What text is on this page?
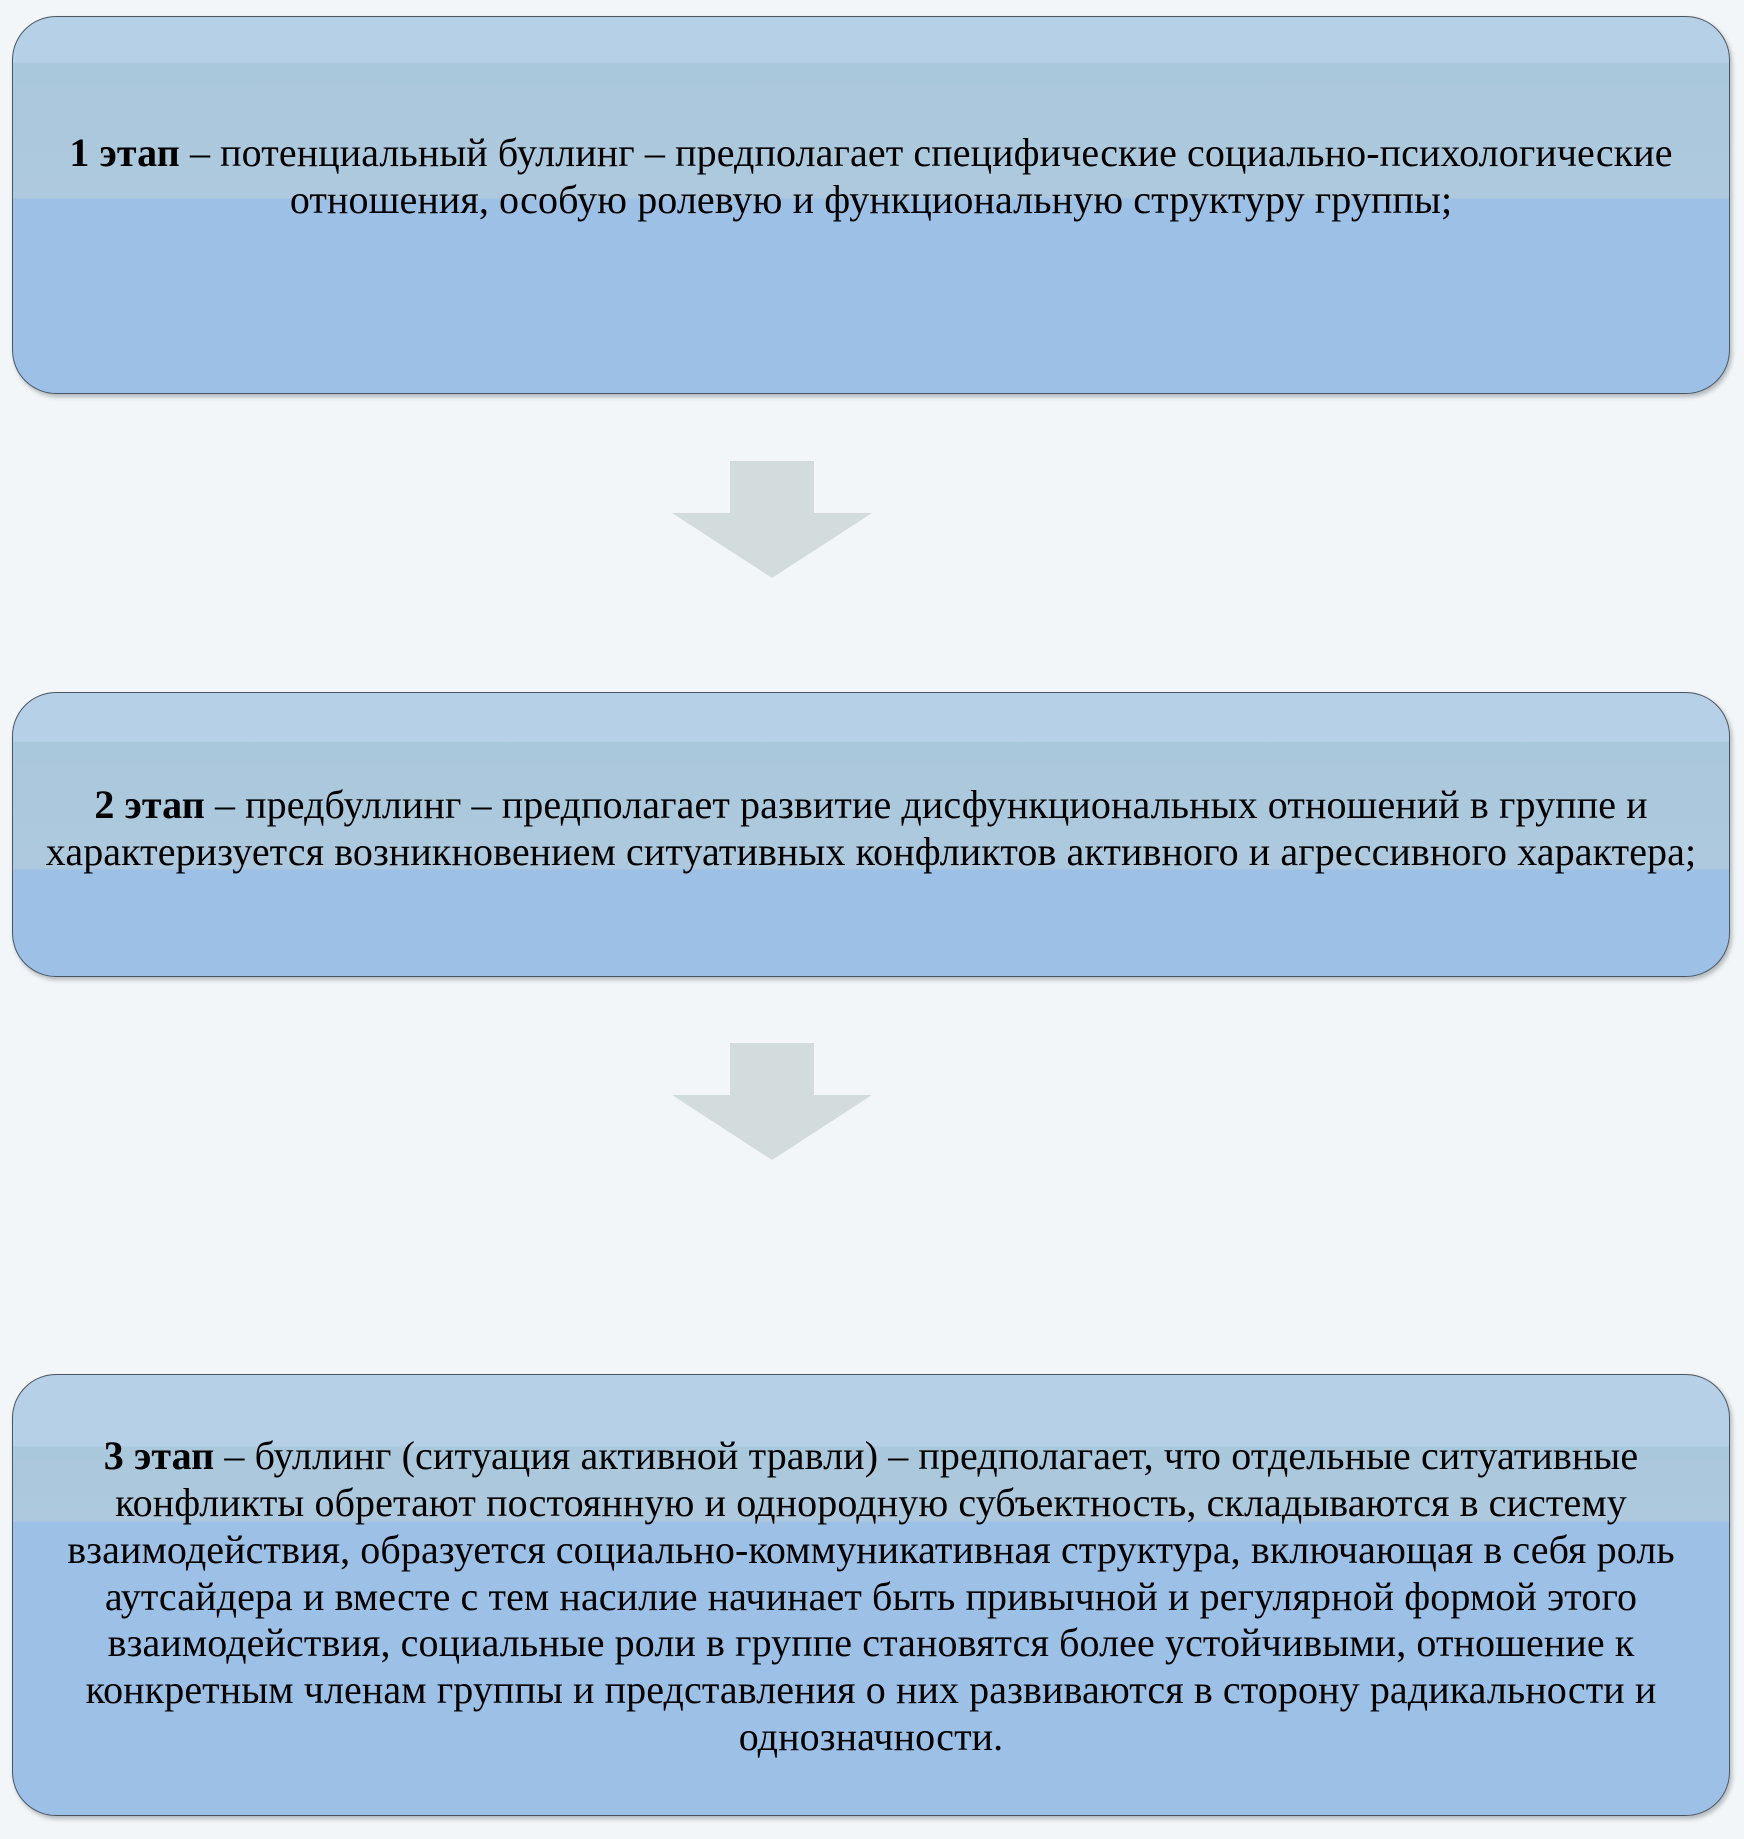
1 этап – потенциальный буллинг – предполагает специфические социально-психологические отношения, особую ролевую и функциональную структуру группы;
2 этап – предбуллинг – предполагает развитие дисфункциональных отношений в группе и характеризуется возникновением ситуативных конфликтов активного и агрессивного характера;
3 этап – буллинг (ситуация активной травли) – предполагает, что отдельные ситуативные конфликты обретают постоянную и однородную субъектность, складываются в систему взаимодействия, образуется социально-коммуникативная структура, включающая в себя роль аутсайдера и вместе с тем насилие начинает быть привычной и регулярной формой этого взаимодействия, социальные роли в группе становятся более устойчивыми, отношение к конкретным членам группы и представления о них развиваются в сторону радикальности и однозначности.
